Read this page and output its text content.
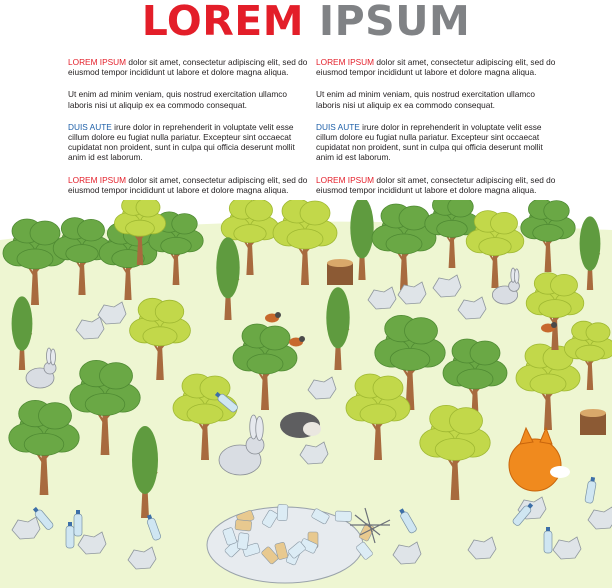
LOREM IPSUM

LOREM IPSUM dolor sit amet, consectetur adipiscing elit, sed do eiusmod tempor incididunt ut labore et dolore magna aliqua.

Ut enim ad minim veniam, quis nostrud exercitation ullamco laboris nisi ut aliquip ex ea commodo consequat.

DUIS AUTE irure dolor in reprehenderit in voluptate velit esse cillum dolore eu fugiat nulla pariatur. Excepteur sint occaecat cupidatat non proident, sunt in culpa qui officia deserunt mollit anim id est laborum.

LOREM IPSUM dolor sit amet, consectetur adipiscing elit, sed do eiusmod tempor incididunt ut labore et dolore magna aliqua.

LOREM IPSUM dolor sit amet, consectetur adipiscing elit, sed do eiusmod tempor incididunt ut labore et dolore magna aliqua.

Ut enim ad minim veniam, quis nostrud exercitation ullamco laboris nisi ut aliquip ex ea commodo consequat.

DUIS AUTE irure dolor in reprehenderit in voluptate velit esse cillum dolore eu fugiat nulla pariatur. Excepteur sint occaecat cupidatat non proident, sunt in culpa qui officia deserunt mollit anim id est laborum.

LOREM IPSUM dolor sit amet, consectetur adipiscing elit, sed do eiusmod tempor incididunt ut labore et dolore magna aliqua.
